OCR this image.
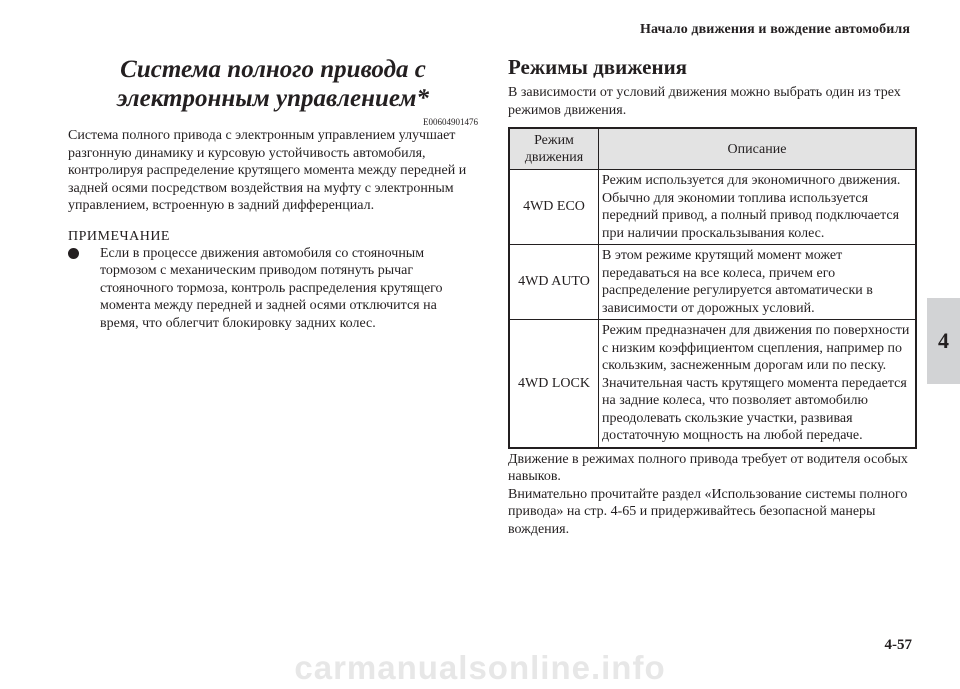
Начало движения и вождение автомобиля
4
Система полного привода с электронным управлением*
E00604901476

Система полного привода с электронным управлением улучшает разгонную динамику и курсовую устойчивость автомобиля, контролируя распределение крутящего момента между передней и задней осями посредством воздействия на муфту с электронным управлением, встроенную в задний дифференциал.

ПРИМЕЧАНИЕ
Если в процессе движения автомобиля со стояночным тормозом с механическим приводом потянуть рычаг стояночного тормоза, контроль распределения крутящего момента между передней и задней осями отключится на время, что облегчит блокировку задних колес.
Режимы движения

В зависимости от условий движения можно выбрать один из трех режимов движения.

Режим движения	Описание
4WD ECO	Режим используется для экономичного движения. Обычно для экономии топлива используется передний привод, а полный привод подключается при наличии проскальзывания колес.
4WD AUTO	В этом режиме крутящий момент может передаваться на все колеса, причем его распределение регулируется автоматически в зависимости от дорожных условий.
4WD LOCK	Режим предназначен для движения по поверхности с низким коэффициентом сцепления, например по скользким, заснеженным дорогам или по песку. Значительная часть крутящего момента передается на задние колеса, что позволяет автомобилю преодолевать скользкие участки, развивая достаточную мощность на любой передаче.

Движение в режимах полного привода требует от водителя особых навыков.

Внимательно прочитайте раздел «Использование системы полного привода» на стр. 4-65 и придерживайтесь безопасной манеры вождения.

4-57
carmanualsonline.info
